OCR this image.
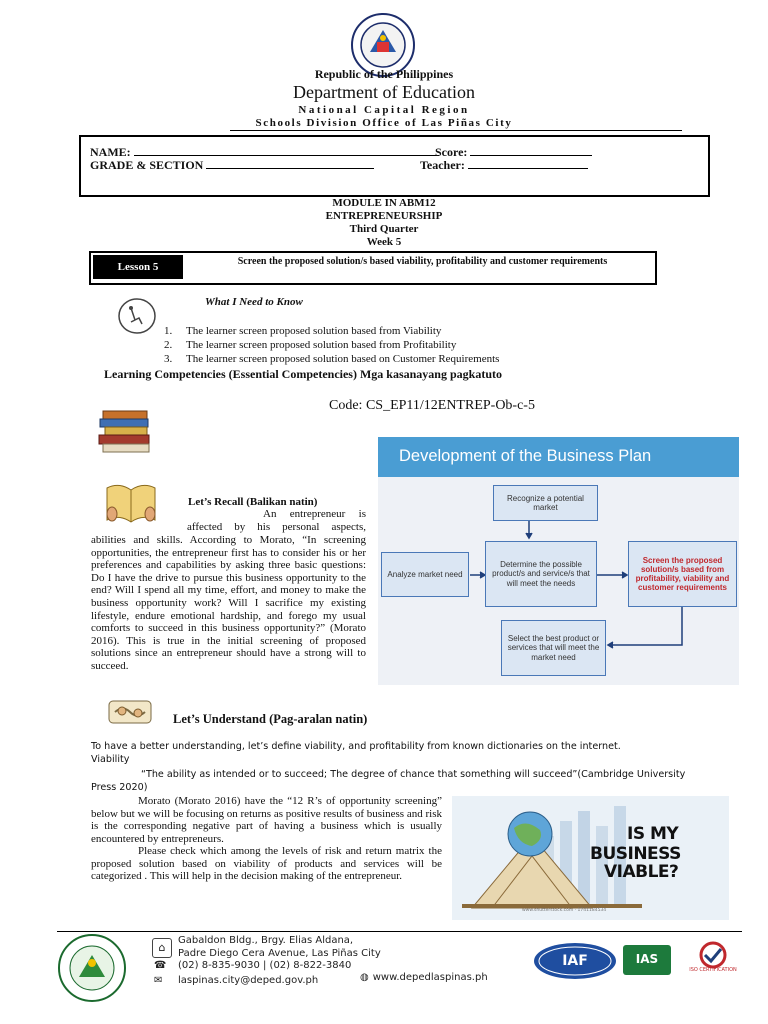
Republic of the Philippines
Department of Education
National Capital Region
Schools Division Office of Las Piñas City
NAME:	Score:
GRADE & SECTION	Teacher:
MODULE IN ABM12
ENTREPRENEURSHIP
Third Quarter
Week 5
Lesson 5	Screen the proposed solution/s based viability, profitability and customer requirements
What I Need to Know
1. The learner screen proposed solution based from Viability
2. The learner screen proposed solution based from Profitability
3. The learner screen proposed solution based on Customer Requirements
Learning Competencies (Essential Competencies) Mga kasanayang pagkatuto
Code: CS_EP11/12ENTREP-Ob-c-5
Development of the Business Plan
Recognize a potential market
Analyze market need
Determine the possible product/s and service/s that will meet the needs
Screen the proposed solution/s based from profitability, viability and customer requirements
Select the best product or services that will meet the market need
Let’s Recall (Balikan natin)
An entrepreneur is
affected by his personal aspects,
abilities and skills. According to Morato, “In screening opportunities, the entrepreneur first has to consider his or her preferences and capabilities by asking three basic questions: Do I have the drive to pursue this business opportunity to the end? Will I spend all my time, effort, and money to make the business opportunity work? Will I sacrifice my existing lifestyle, endure emotional hardship, and forego my usual comforts to succeed in this business opportunity?” (Morato 2016). This is true in the initial screening of proposed solutions since an entrepreneur should have a strong will to succeed.
Let’s Understand (Pag-aralan natin)
To have a better understanding, let’s define viability, and profitability from known dictionaries on the internet.
Viability
“The ability as intended or to succeed; The degree of chance that something will succeed”(Cambridge University Press 2020)
Morato (Morato 2016) have the “12 R’s of opportunity screening” below but we will be focusing on returns as positive results of business and risk is the corresponding negative part of having a business which is usually encountered by entrepreneurs.
Please check which among the levels of risk and return matrix the proposed solution based on viability of products and services will be categorized . This will help in the decision making of the entrepreneur.
IS MY
BUSINESS
VIABLE?
www.shutterstock.com · 1741184534
⌂
Gabaldon Bldg., Brgy. Elias Aldana,
Padre Diego Cera Avenue, Las Piñas City
☎ (02) 8-835-9030 | (02) 8-822-3840
✉ laspinas.city@deped.gov.ph	◍ www.depedlaspinas.ph
IAF	IAS
ISO CERTIFICATION
